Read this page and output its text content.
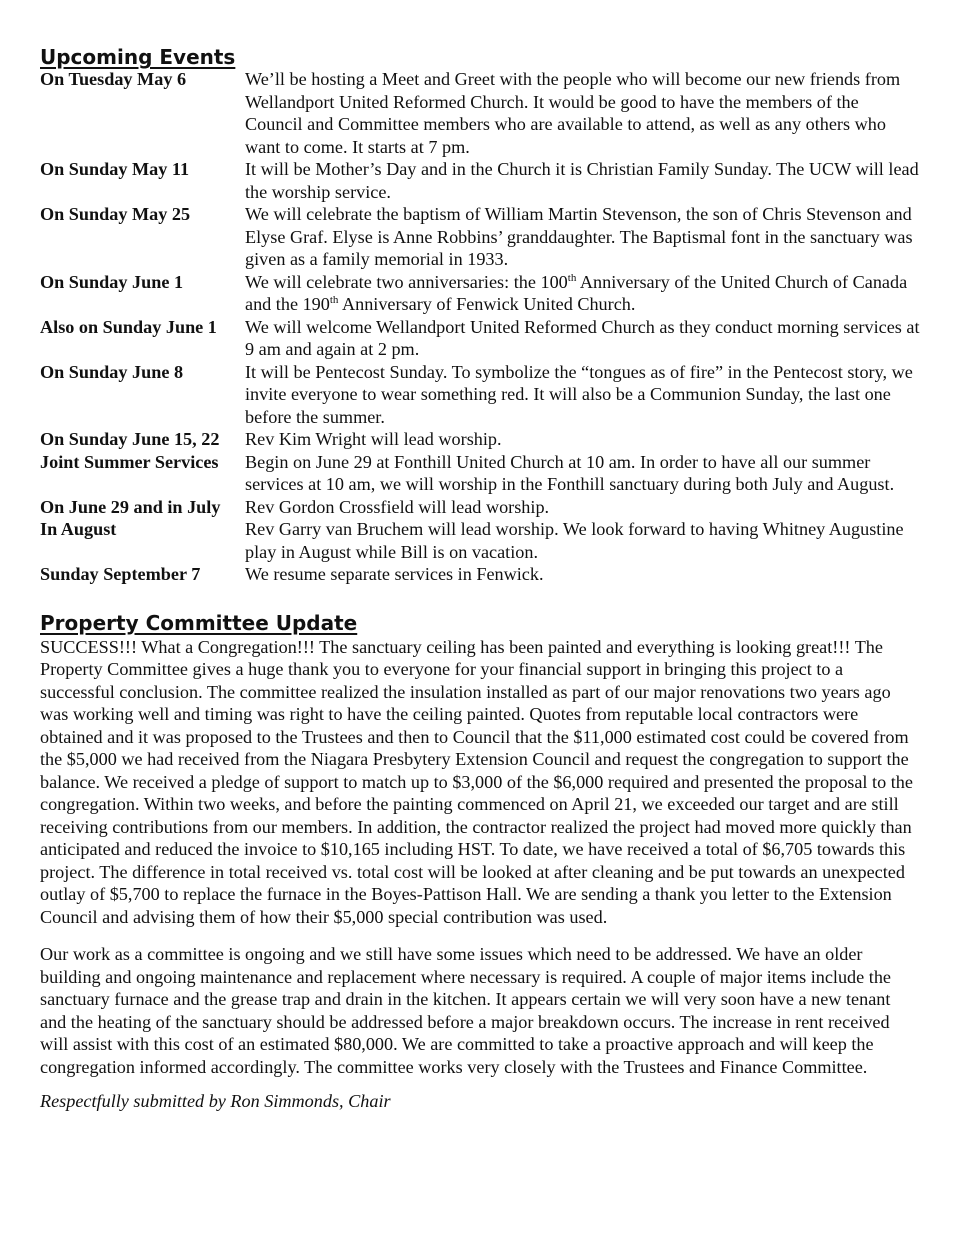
Upcoming Events
On Tuesday May 6	We’ll be hosting a Meet and Greet with the people who will become our new friends from Wellandport United Reformed Church. It would be good to have the members of the Council and Committee members who are available to attend, as well as any others who want to come. It starts at 7 pm.
On Sunday May 11	It will be Mother’s Day and in the Church it is Christian Family Sunday. The UCW will lead the worship service.
On Sunday May 25	We will celebrate the baptism of William Martin Stevenson, the son of Chris Stevenson and Elyse Graf. Elyse is Anne Robbins’ granddaughter. The Baptismal font in the sanctuary was given as a family memorial in 1933.
On Sunday June 1	We will celebrate two anniversaries: the 100th Anniversary of the United Church of Canada and the 190th Anniversary of Fenwick United Church.
Also on Sunday June 1	We will welcome Wellandport United Reformed Church as they conduct morning services at 9 am and again at 2 pm.
On Sunday June 8	It will be Pentecost Sunday. To symbolize the “tongues as of fire” in the Pentecost story, we invite everyone to wear something red. It will also be a Communion Sunday, the last one before the summer.
On Sunday June 15, 22	Rev Kim Wright will lead worship.
Joint Summer Services	Begin on June 29 at Fonthill United Church at 10 am. In order to have all our summer services at 10 am, we will worship in the Fonthill sanctuary during both July and August.
On June 29 and in July	Rev Gordon Crossfield will lead worship.
In August	Rev Garry van Bruchem will lead worship. We look forward to having Whitney Augustine play in August while Bill is on vacation.
Sunday September 7	We resume separate services in Fenwick.
Property Committee Update

SUCCESS!!! What a Congregation!!! The sanctuary ceiling has been painted and everything is looking great!!! The Property Committee gives a huge thank you to everyone for your financial support in bringing this project to a successful conclusion. The committee realized the insulation installed as part of our major renovations two years ago was working well and timing was right to have the ceiling painted. Quotes from reputable local contractors were obtained and it was proposed to the Trustees and then to Council that the $11,000 estimated cost could be covered from the $5,000 we had received from the Niagara Presbytery Extension Council and request the congregation to support the balance. We received a pledge of support to match up to $3,000 of the $6,000 required and presented the proposal to the congregation. Within two weeks, and before the painting commenced on April 21, we exceeded our target and are still receiving contributions from our members. In addition, the contractor realized the project had moved more quickly than anticipated and reduced the invoice to $10,165 including HST. To date, we have received a total of $6,705 towards this project. The difference in total received vs. total cost will be looked at after cleaning and be put towards an unexpected outlay of $5,700 to replace the furnace in the Boyes-Pattison Hall. We are sending a thank you letter to the Extension Council and advising them of how their $5,000 special contribution was used.

Our work as a committee is ongoing and we still have some issues which need to be addressed. We have an older building and ongoing maintenance and replacement where necessary is required. A couple of major items include the sanctuary furnace and the grease trap and drain in the kitchen. It appears certain we will very soon have a new tenant and the heating of the sanctuary should be addressed before a major breakdown occurs. The increase in rent received will assist with this cost of an estimated $80,000. We are committed to take a proactive approach and will keep the congregation informed accordingly. The committee works very closely with the Trustees and Finance Committee.

Respectfully submitted by Ron Simmonds, Chair
